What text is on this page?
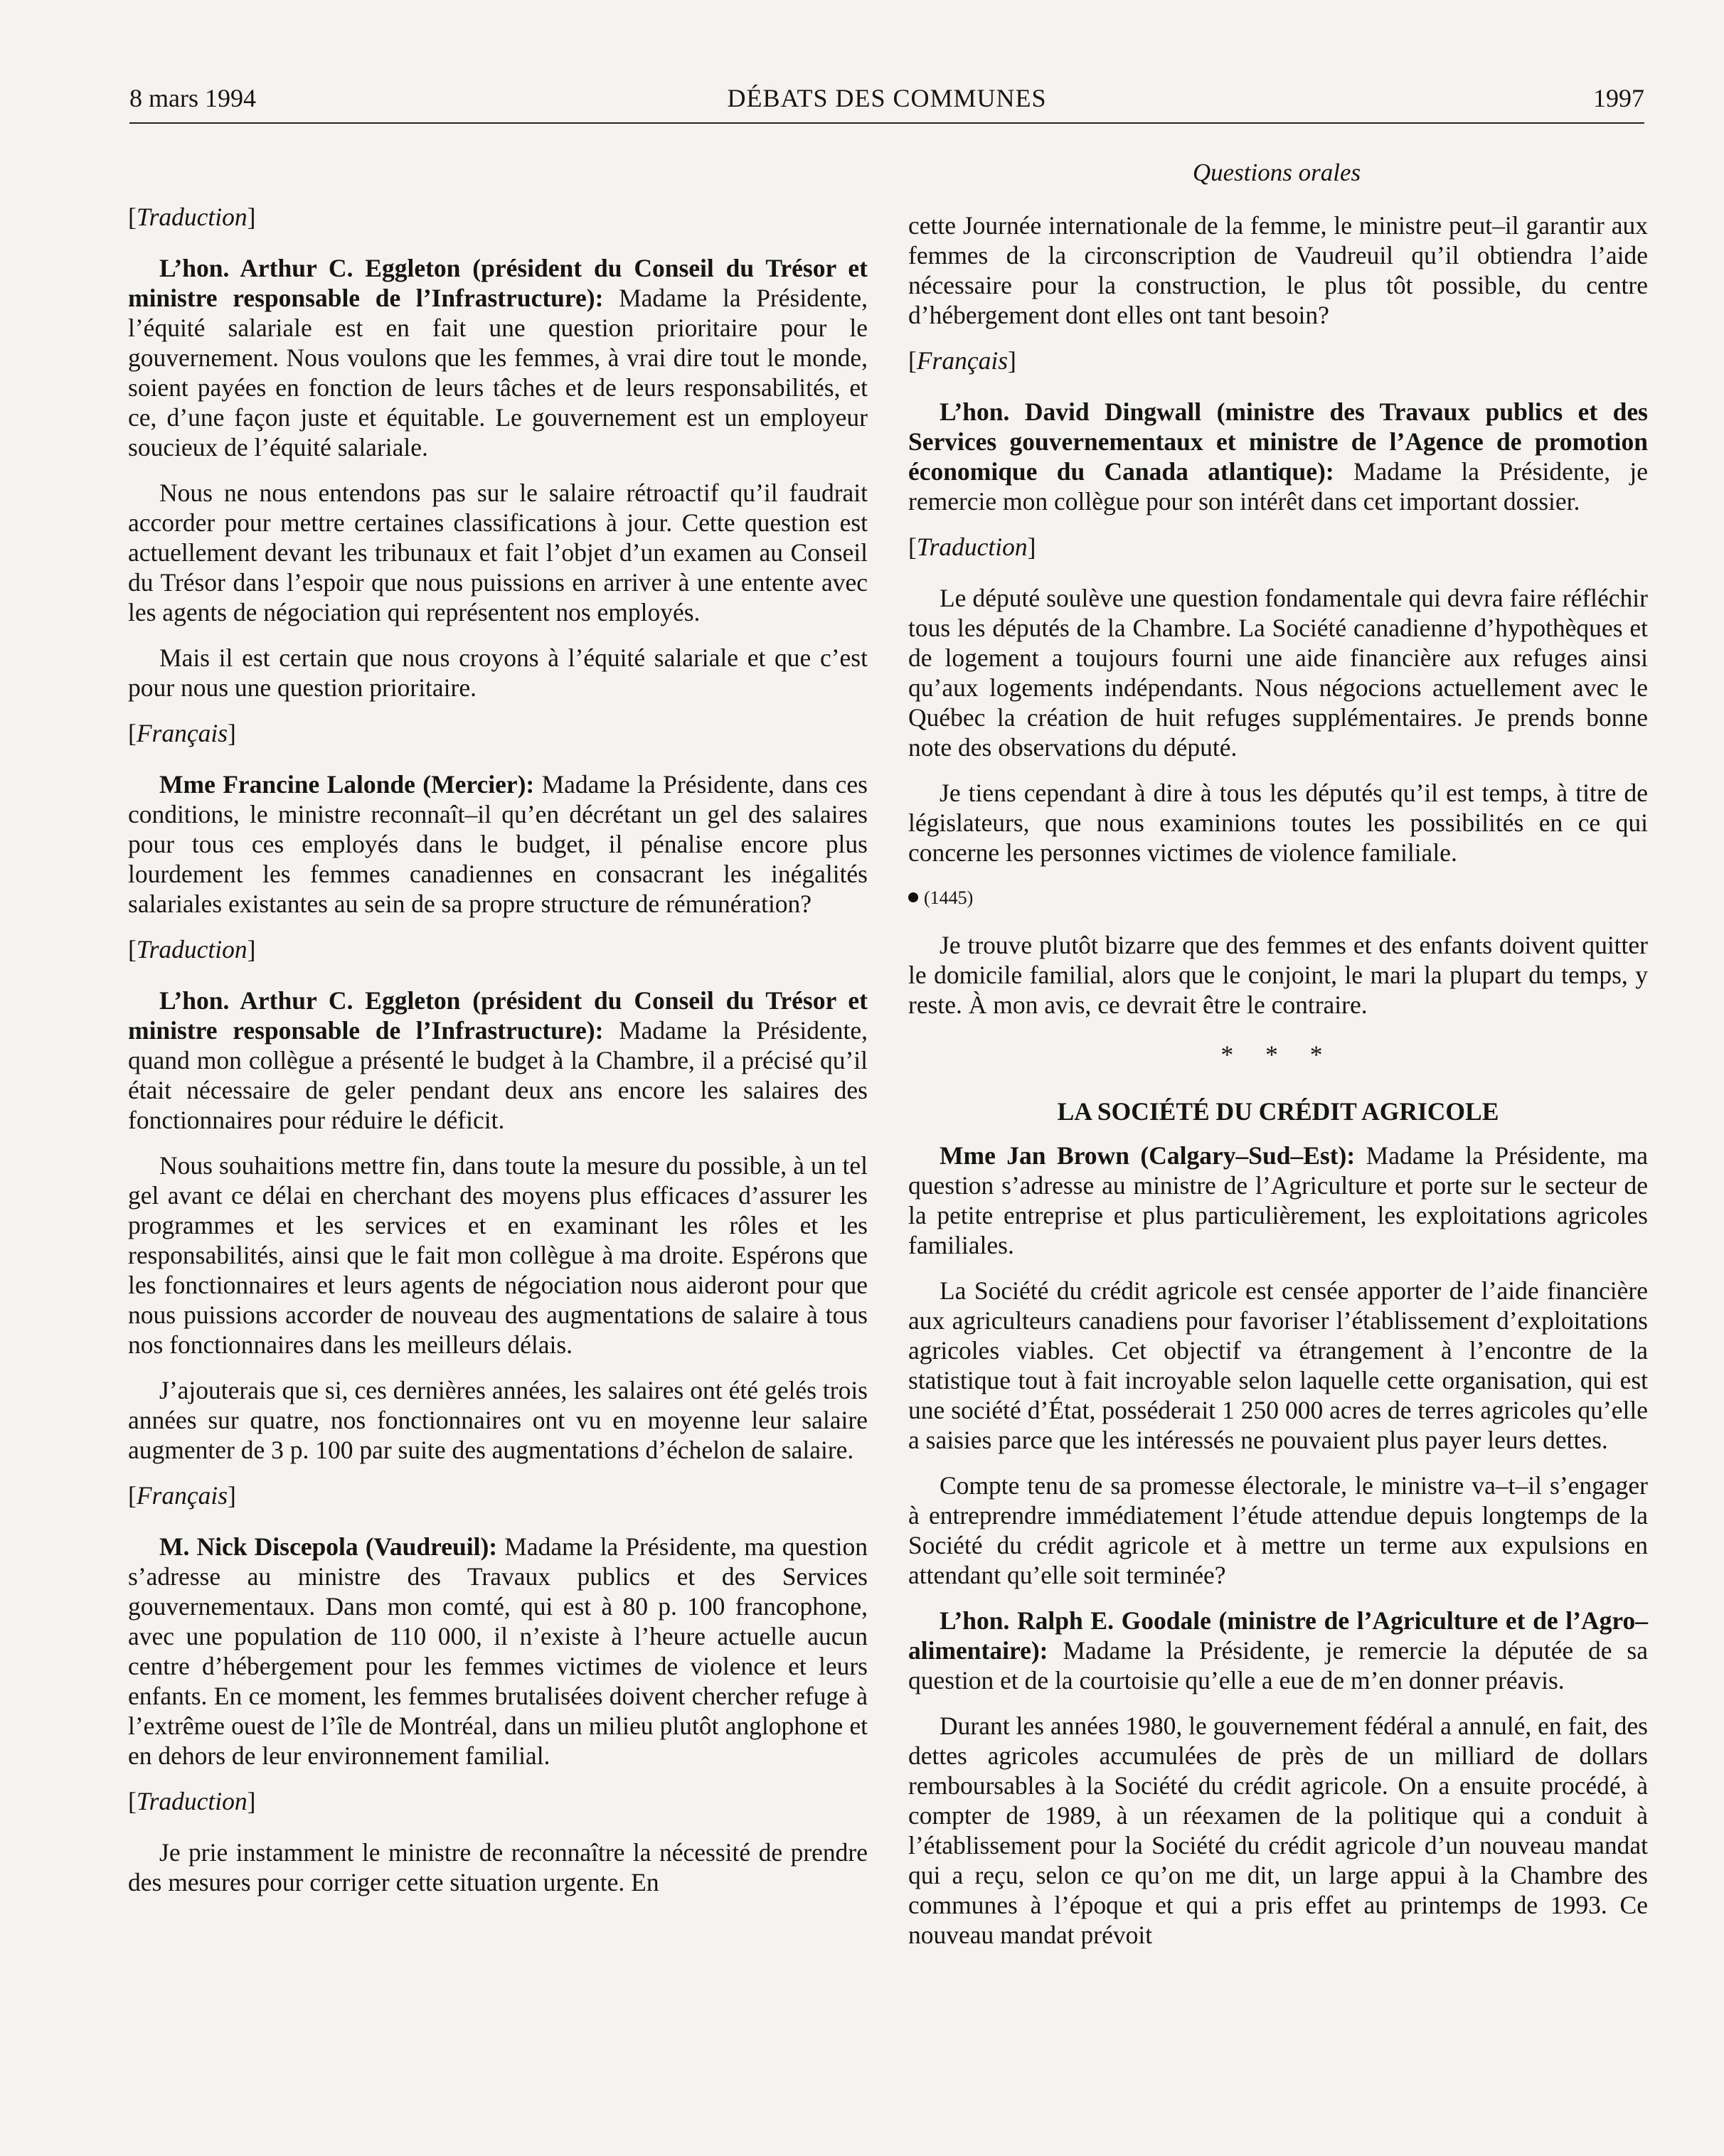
8 mars 1994	DÉBATS DES COMMUNES	1997
Questions orales

[Traduction]

L’hon. Arthur C. Eggleton (président du Conseil du Trésor et ministre responsable de l’Infrastructure): Madame la Présidente, l’équité salariale est en fait une question prioritaire pour le gouvernement. Nous voulons que les femmes, à vrai dire tout le monde, soient payées en fonction de leurs tâches et de leurs responsabilités, et ce, d’une façon juste et équitable. Le gouvernement est un employeur soucieux de l’équité salariale.

Nous ne nous entendons pas sur le salaire rétroactif qu’il faudrait accorder pour mettre certaines classifications à jour. Cette question est actuellement devant les tribunaux et fait l’objet d’un examen au Conseil du Trésor dans l’espoir que nous puissions en arriver à une entente avec les agents de négociation qui représentent nos employés.

Mais il est certain que nous croyons à l’équité salariale et que c’est pour nous une question prioritaire.

[Français]

Mme Francine Lalonde (Mercier): Madame la Présidente, dans ces conditions, le ministre reconnaît–il qu’en décrétant un gel des salaires pour tous ces employés dans le budget, il pénalise encore plus lourdement les femmes canadiennes en consacrant les inégalités salariales existantes au sein de sa propre structure de rémunération?

[Traduction]

L’hon. Arthur C. Eggleton (président du Conseil du Trésor et ministre responsable de l’Infrastructure): Madame la Présidente, quand mon collègue a présenté le budget à la Chambre, il a précisé qu’il était nécessaire de geler pendant deux ans encore les salaires des fonctionnaires pour réduire le déficit.

Nous souhaitions mettre fin, dans toute la mesure du possible, à un tel gel avant ce délai en cherchant des moyens plus efficaces d’assurer les programmes et les services et en examinant les rôles et les responsabilités, ainsi que le fait mon collègue à ma droite. Espérons que les fonctionnaires et leurs agents de négociation nous aideront pour que nous puissions accorder de nouveau des augmentations de salaire à tous nos fonctionnaires dans les meilleurs délais.

J’ajouterais que si, ces dernières années, les salaires ont été gelés trois années sur quatre, nos fonctionnaires ont vu en moyenne leur salaire augmenter de 3 p. 100 par suite des augmentations d’échelon de salaire.

[Français]

M. Nick Discepola (Vaudreuil): Madame la Présidente, ma question s’adresse au ministre des Travaux publics et des Services gouvernementaux. Dans mon comté, qui est à 80 p. 100 francophone, avec une population de 110 000, il n’existe à l’heure actuelle aucun centre d’hébergement pour les femmes victimes de violence et leurs enfants. En ce moment, les femmes brutalisées doivent chercher refuge à l’extrême ouest de l’île de Montréal, dans un milieu plutôt anglophone et en dehors de leur environnement familial.

[Traduction]

Je prie instamment le ministre de reconnaître la nécessité de prendre des mesures pour corriger cette situation urgente. En

cette Journée internationale de la femme, le ministre peut–il garantir aux femmes de la circonscription de Vaudreuil qu’il obtiendra l’aide nécessaire pour la construction, le plus tôt possible, du centre d’hébergement dont elles ont tant besoin?

[Français]

L’hon. David Dingwall (ministre des Travaux publics et des Services gouvernementaux et ministre de l’Agence de promotion économique du Canada atlantique): Madame la Présidente, je remercie mon collègue pour son intérêt dans cet important dossier.

[Traduction]

Le député soulève une question fondamentale qui devra faire réfléchir tous les députés de la Chambre. La Société canadienne d’hypothèques et de logement a toujours fourni une aide financière aux refuges ainsi qu’aux logements indépendants. Nous négocions actuellement avec le Québec la création de huit refuges supplémentaires. Je prends bonne note des observations du député.

Je tiens cependant à dire à tous les députés qu’il est temps, à titre de législateurs, que nous examinions toutes les possibilités en ce qui concerne les personnes victimes de violence familiale.

(1445)

Je trouve plutôt bizarre que des femmes et des enfants doivent quitter le domicile familial, alors que le conjoint, le mari la plupart du temps, y reste. À mon avis, ce devrait être le contraire.

* * *

LA SOCIÉTÉ DU CRÉDIT AGRICOLE

Mme Jan Brown (Calgary–Sud–Est): Madame la Présidente, ma question s’adresse au ministre de l’Agriculture et porte sur le secteur de la petite entreprise et plus particulièrement, les exploitations agricoles familiales.

La Société du crédit agricole est censée apporter de l’aide financière aux agriculteurs canadiens pour favoriser l’établissement d’exploitations agricoles viables. Cet objectif va étrangement à l’encontre de la statistique tout à fait incroyable selon laquelle cette organisation, qui est une société d’État, posséderait 1 250 000 acres de terres agricoles qu’elle a saisies parce que les intéressés ne pouvaient plus payer leurs dettes.

Compte tenu de sa promesse électorale, le ministre va–t–il s’engager à entreprendre immédiatement l’étude attendue depuis longtemps de la Société du crédit agricole et à mettre un terme aux expulsions en attendant qu’elle soit terminée?

L’hon. Ralph E. Goodale (ministre de l’Agriculture et de l’Agro–alimentaire): Madame la Présidente, je remercie la députée de sa question et de la courtoisie qu’elle a eue de m’en donner préavis.

Durant les années 1980, le gouvernement fédéral a annulé, en fait, des dettes agricoles accumulées de près de un milliard de dollars remboursables à la Société du crédit agricole. On a ensuite procédé, à compter de 1989, à un réexamen de la politique qui a conduit à l’établissement pour la Société du crédit agricole d’un nouveau mandat qui a reçu, selon ce qu’on me dit, un large appui à la Chambre des communes à l’époque et qui a pris effet au printemps de 1993. Ce nouveau mandat prévoit
